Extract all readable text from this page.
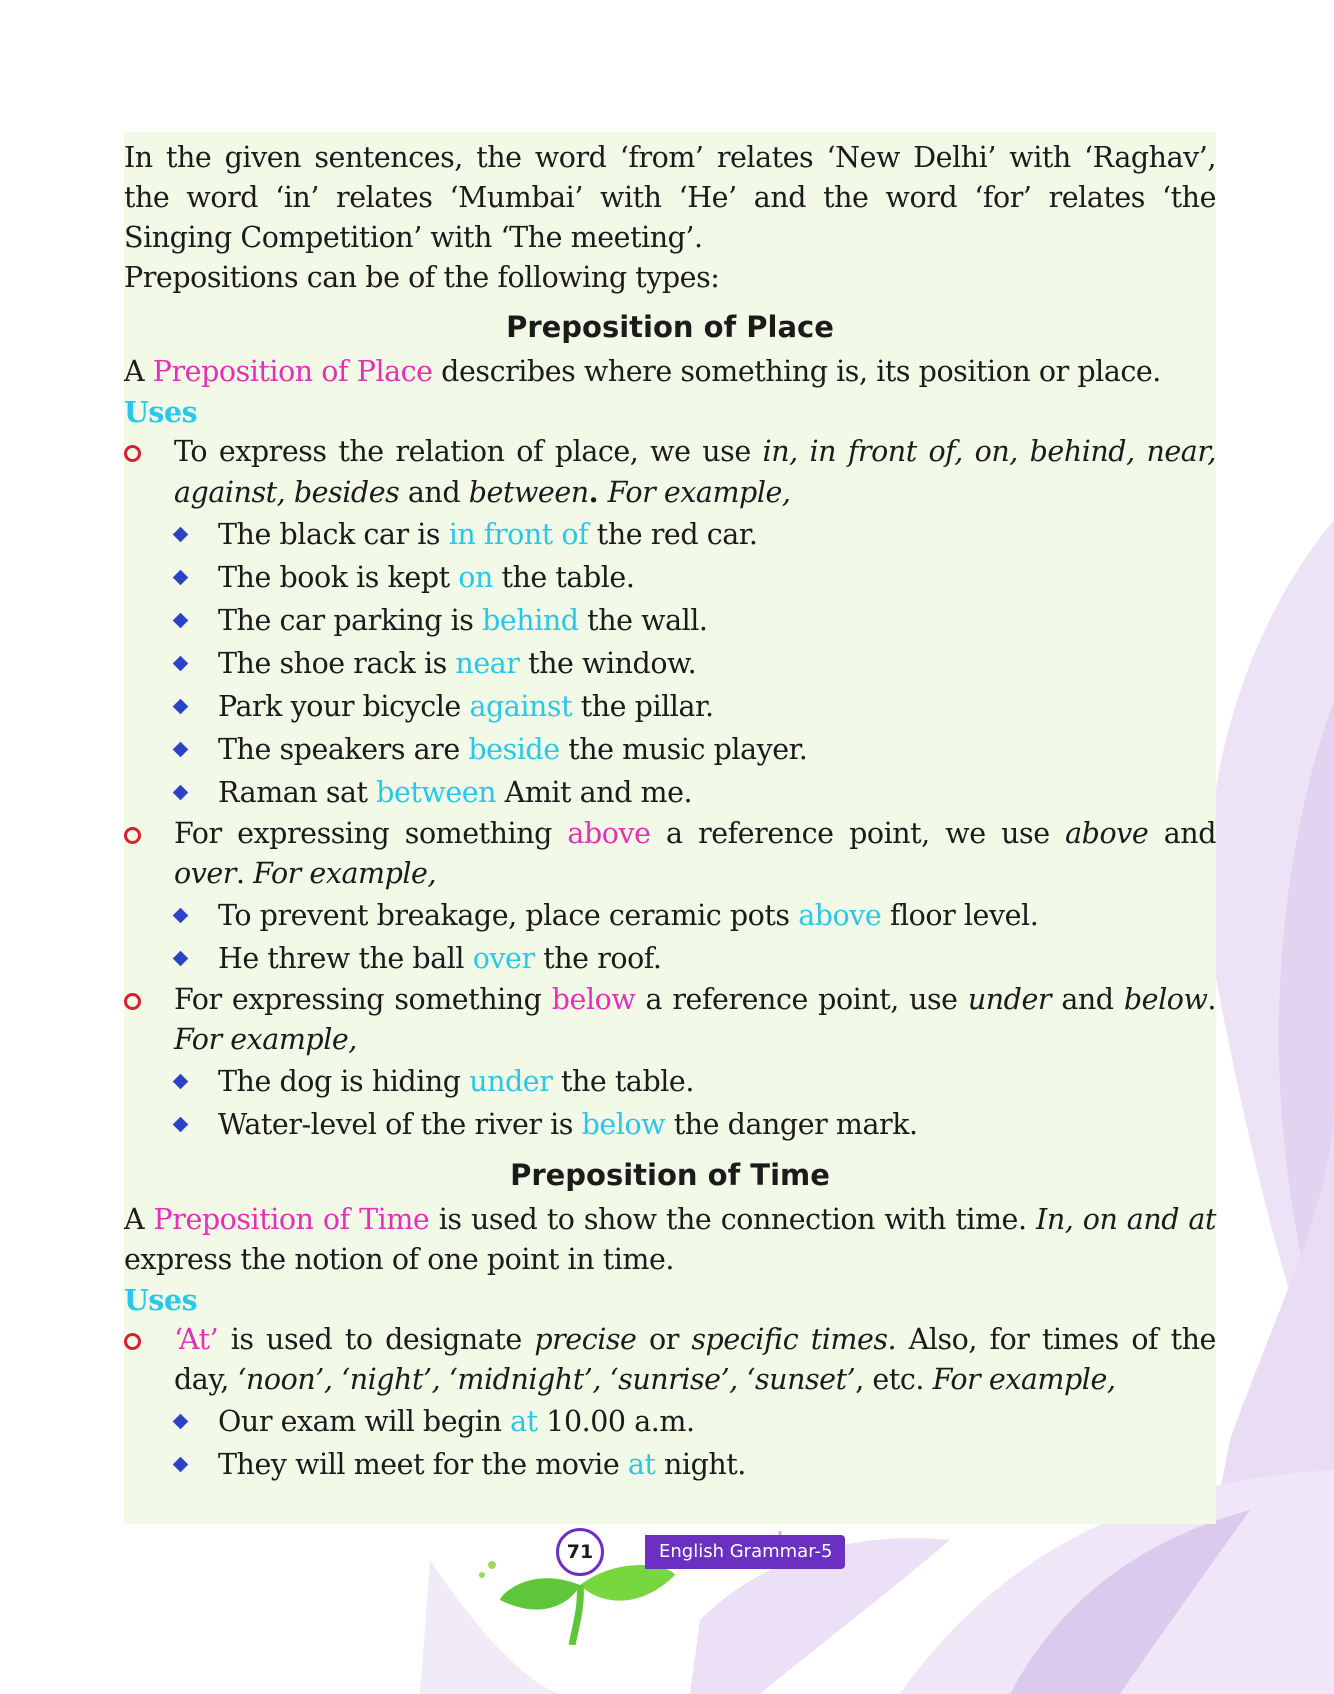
In the given sentences, the word ‘from’ relates ‘New Delhi’ with ‘Raghav’, the word ‘in’ relates ‘Mumbai’ with ‘He’ and the word ‘for’ relates ‘the Singing Competition’ with ‘The meeting’.

Prepositions can be of the following types:

Preposition of Place

A Preposition of Place describes where something is, its position or place.

Uses

To express the relation of place, we use in, in front of, on, behind, near, against, besides and between. For example,

The black car is in front of the red car.

The book is kept on the table.

The car parking is behind the wall.

The shoe rack is near the window.

Park your bicycle against the pillar.

The speakers are beside the music player.

Raman sat between Amit and me.

For expressing something above a reference point, we use above and over. For example,

To prevent breakage, place ceramic pots above floor level.

He threw the ball over the roof.

For expressing something below a reference point, use under and below. For example,

The dog is hiding under the table.

Water-level of the river is below the danger mark.

Preposition of Time

A Preposition of Time is used to show the connection with time. In, on and at express the notion of one point in time.

Uses

‘At’ is used to designate precise or specific times. Also, for times of the day, ‘noon’, ‘night’, ‘midnight’, ‘sunrise’, ‘sunset’, etc. For example,

Our exam will begin at 10.00 a.m.

They will meet for the movie at night.

English Grammar-5
71
